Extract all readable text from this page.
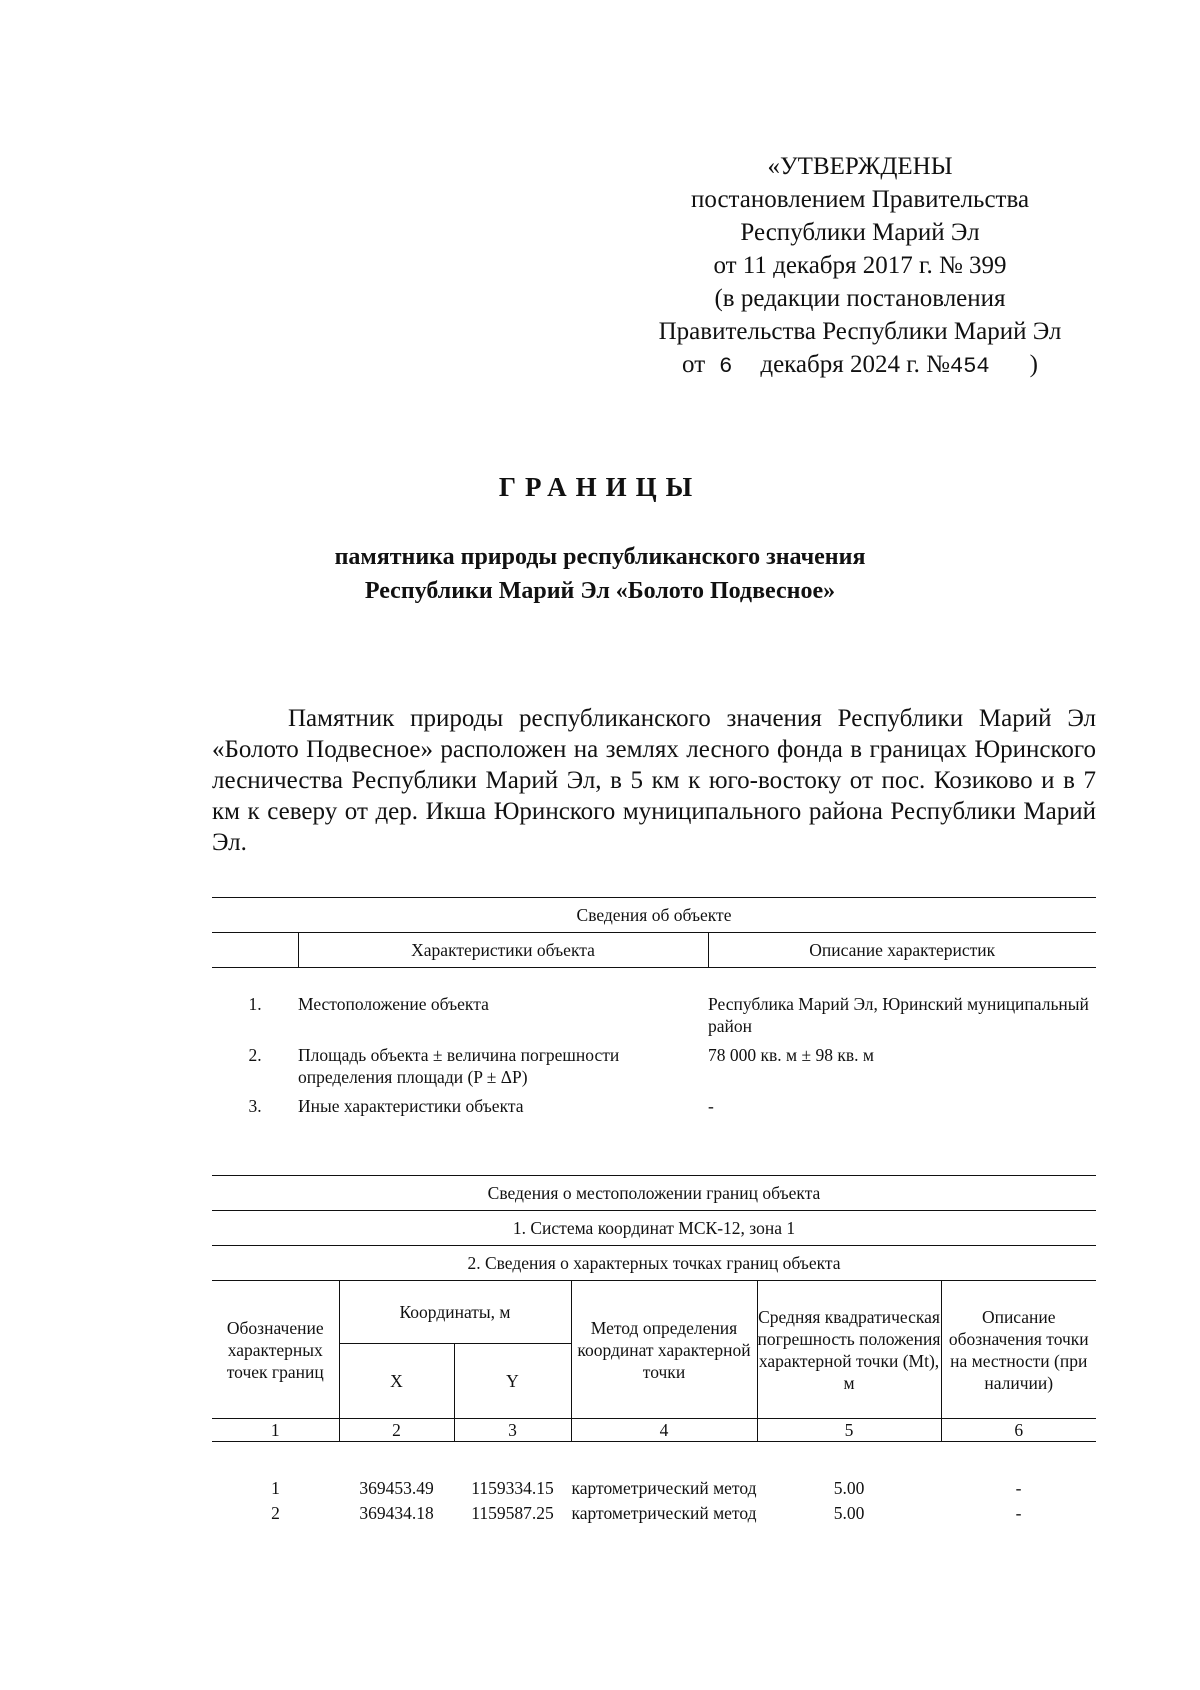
«УТВЕРЖДЕНЫ
постановлением Правительства
Республики Марий Эл
от 11 декабря 2017 г. № 399
(в редакции постановления
Правительства Республики Марий Эл
от 6 декабря 2024 г. №454 )
ГРАНИЦЫ
памятника природы республиканского значения
Республики Марий Эл «Болото Подвесное»

Памятник природы республиканского значения Республики Марий Эл «Болото Подвесное» расположен на землях лесного фонда в границах Юринского лесничества Республики Марий Эл, в 5 км к юго-востоку от пос. Козиково и в 7 км к северу от дер. Икша Юринского муниципального района Республики Марий Эл.

Сведения об объекте		
	Характеристики объекта	Описание характеристик
1.	Местоположение объекта	Республика Марий Эл, Юринский муниципальный район
2.	Площадь объекта ± величина погрешности определения площади (P ± ΔP)	78 000 кв. м ± 98 кв. м
3.	Иные характеристики объекта	-
Сведения о местоположении границ объекта					
1. Система координат МСК-12, зона 1					
2. Сведения о характерных точках границ объекта					
Обозначение характерных точек границ	Координаты, м		Метод определения координат характерной точки	Средняя квадратическая погрешность положения характерной точки (Mt), м	Описание обозначения точки на местности (при наличии)
	X	Y			
1	2	3	4	5	6
1	369453.49	1159334.15	картометрический метод	5.00	-
2	369434.18	1159587.25	картометрический метод	5.00	-
